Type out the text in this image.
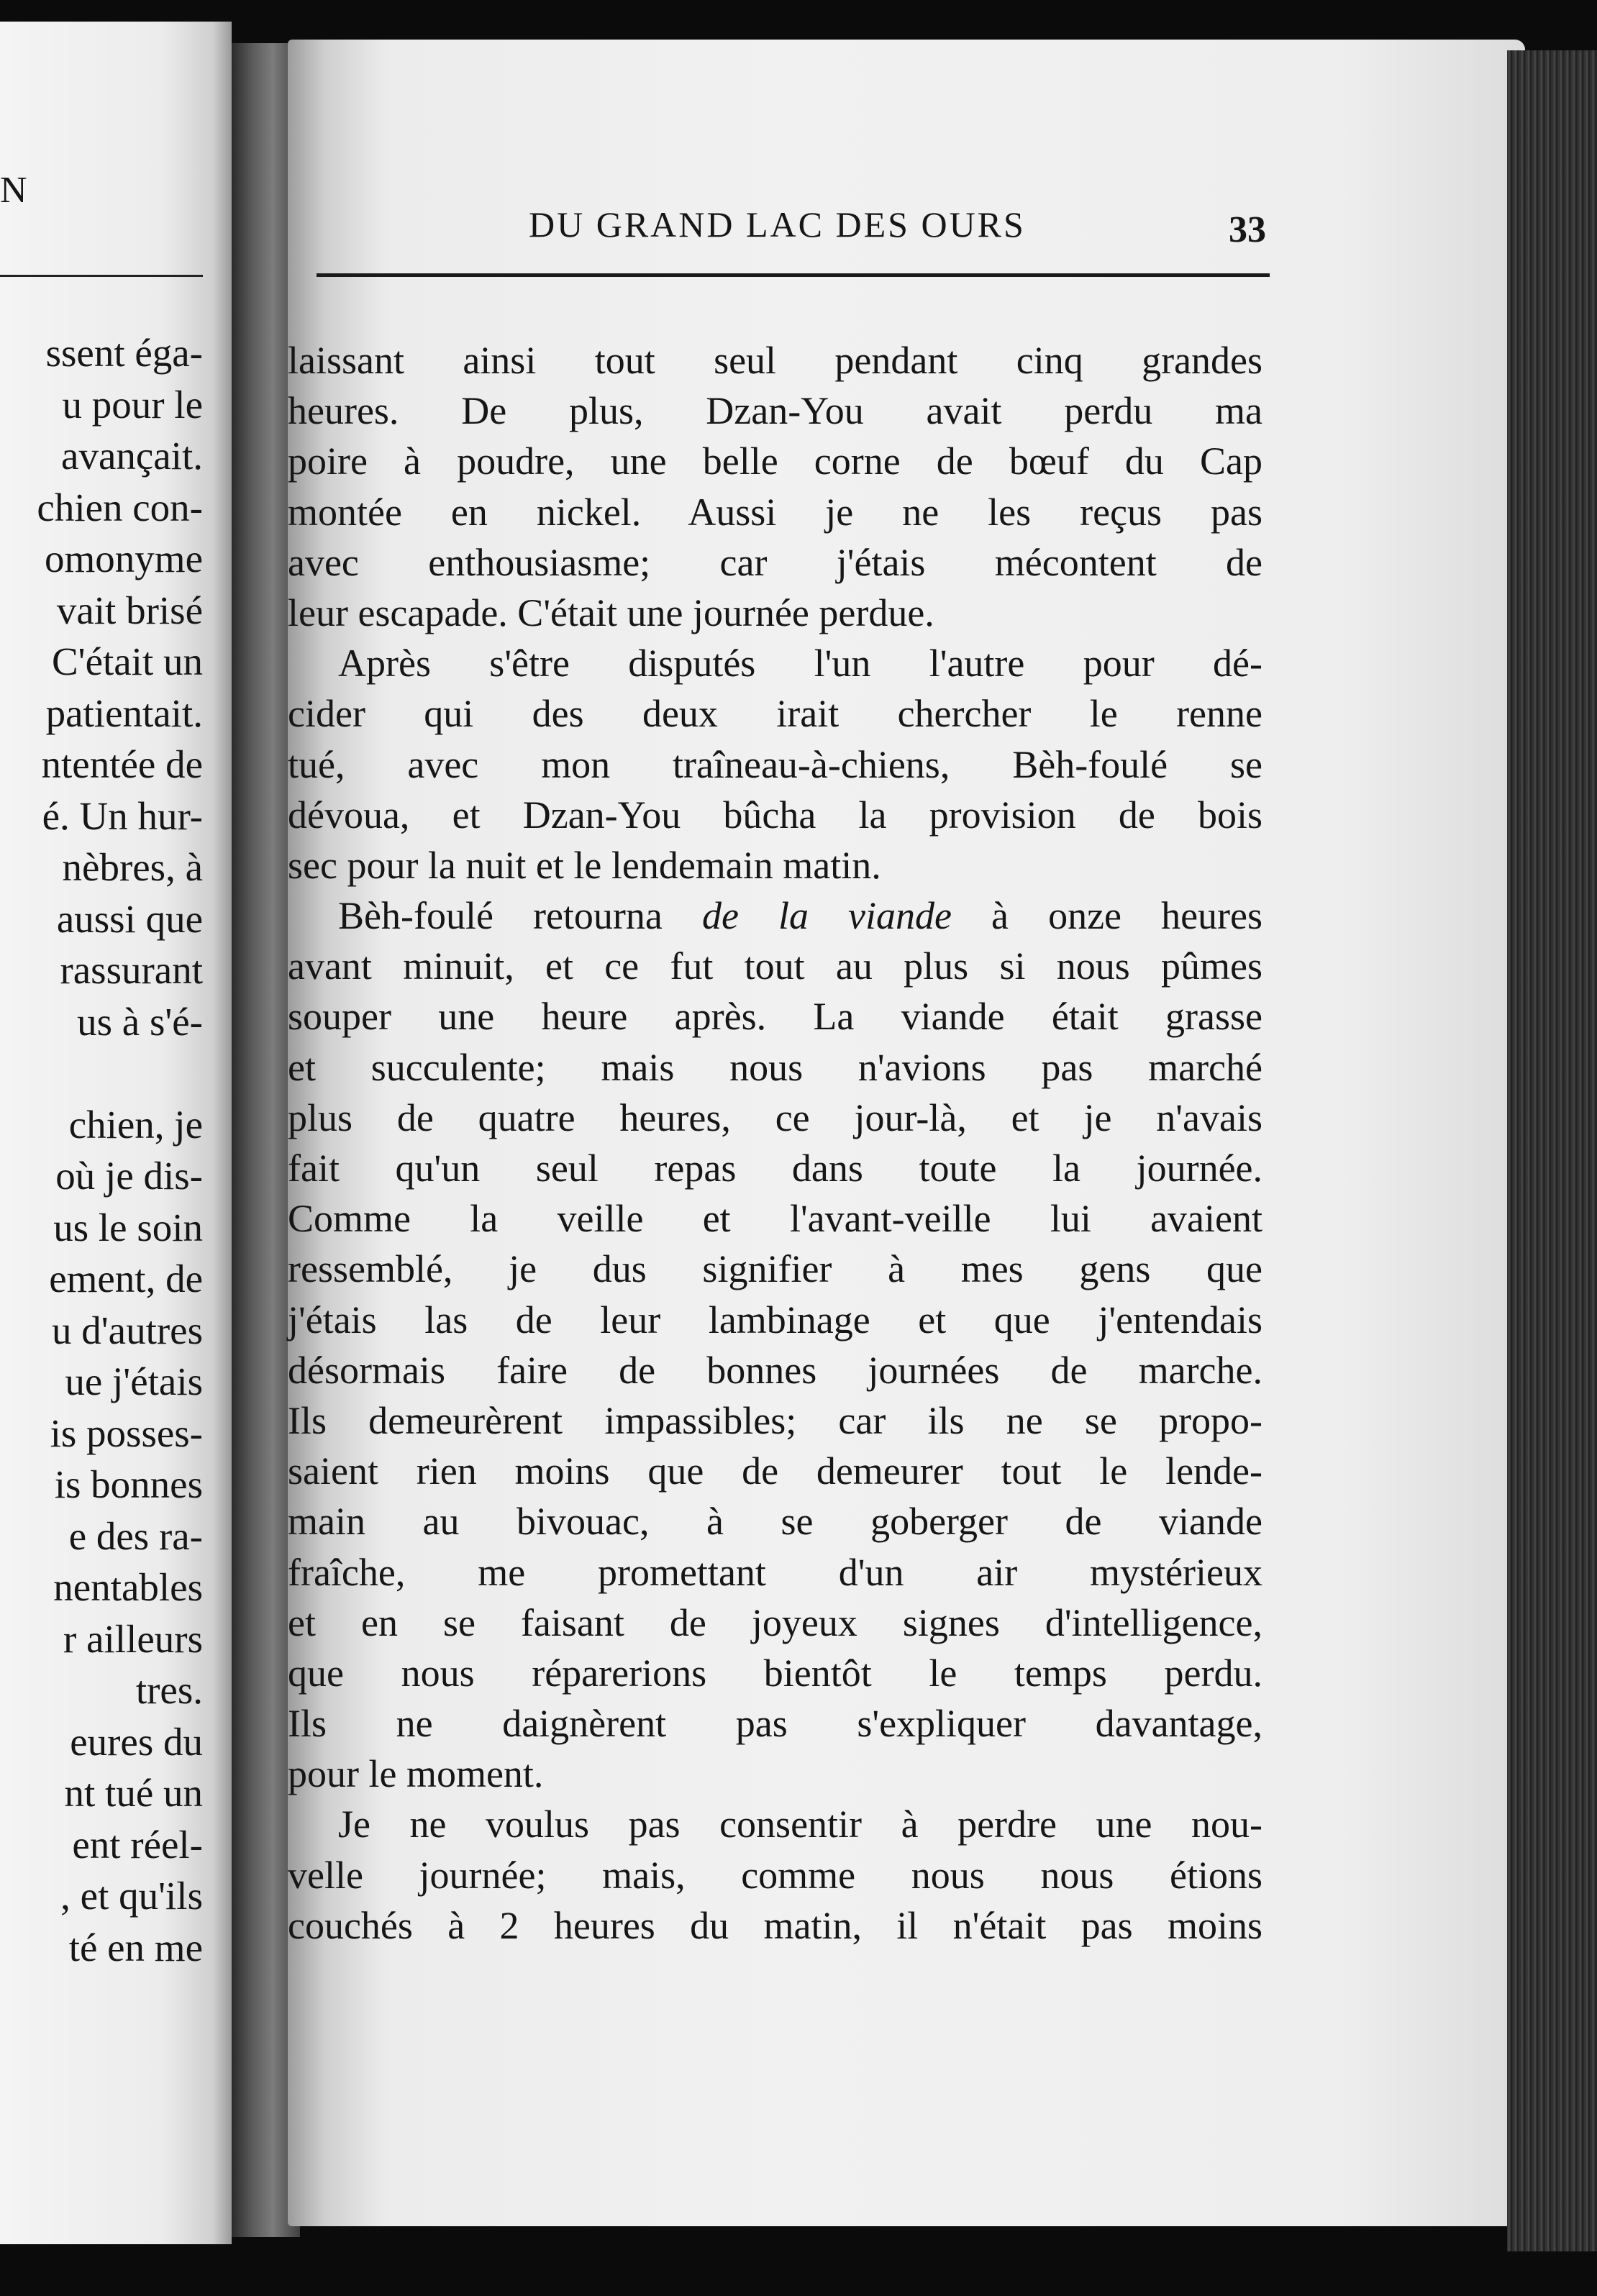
N
ssent éga-
u pour le
avançait.
chien con-
omonyme
vait brisé
C'était un
patientait.
ntentée de
é. Un hur-
nèbres, à
aussi que
rassurant
us à s'é-
chien, je
où je dis-
us le soin
ement, de
u d'autres
ue j'étais
is posses-
is bonnes
e des ra-
nentables
r ailleurs
tres.
eures du
nt tué un
ent réel-
, et qu'ils
té en me
DU GRAND LAC DES OURS	33
laissant ainsi tout seul pendant cinq grandes
heures. De plus, Dzan-You avait perdu ma
poire à poudre, une belle corne de bœuf du Cap
montée en nickel. Aussi je ne les reçus pas
avec enthousiasme; car j'étais mécontent de
leur escapade. C'était une journée perdue.
Après s'être disputés l'un l'autre pour dé-
cider qui des deux irait chercher le renne
tué, avec mon traîneau-à-chiens, Bèh-foulé se
dévoua, et Dzan-You bûcha la provision de bois
sec pour la nuit et le lendemain matin.
Bèh-foulé retourna de la viande à onze heures
avant minuit, et ce fut tout au plus si nous pûmes
souper une heure après. La viande était grasse
et succulente; mais nous n'avions pas marché
plus de quatre heures, ce jour-là, et je n'avais
fait qu'un seul repas dans toute la journée.
Comme la veille et l'avant-veille lui avaient
ressemblé, je dus signifier à mes gens que
j'étais las de leur lambinage et que j'entendais
désormais faire de bonnes journées de marche.
Ils demeurèrent impassibles; car ils ne se propo-
saient rien moins que de demeurer tout le lende-
main au bivouac, à se goberger de viande
fraîche, me promettant d'un air mystérieux
et en se faisant de joyeux signes d'intelligence,
que nous réparerions bientôt le temps perdu.
Ils ne daignèrent pas s'expliquer davantage,
pour le moment.
Je ne voulus pas consentir à perdre une nou-
velle journée; mais, comme nous nous étions
couchés à 2 heures du matin, il n'était pas moins
